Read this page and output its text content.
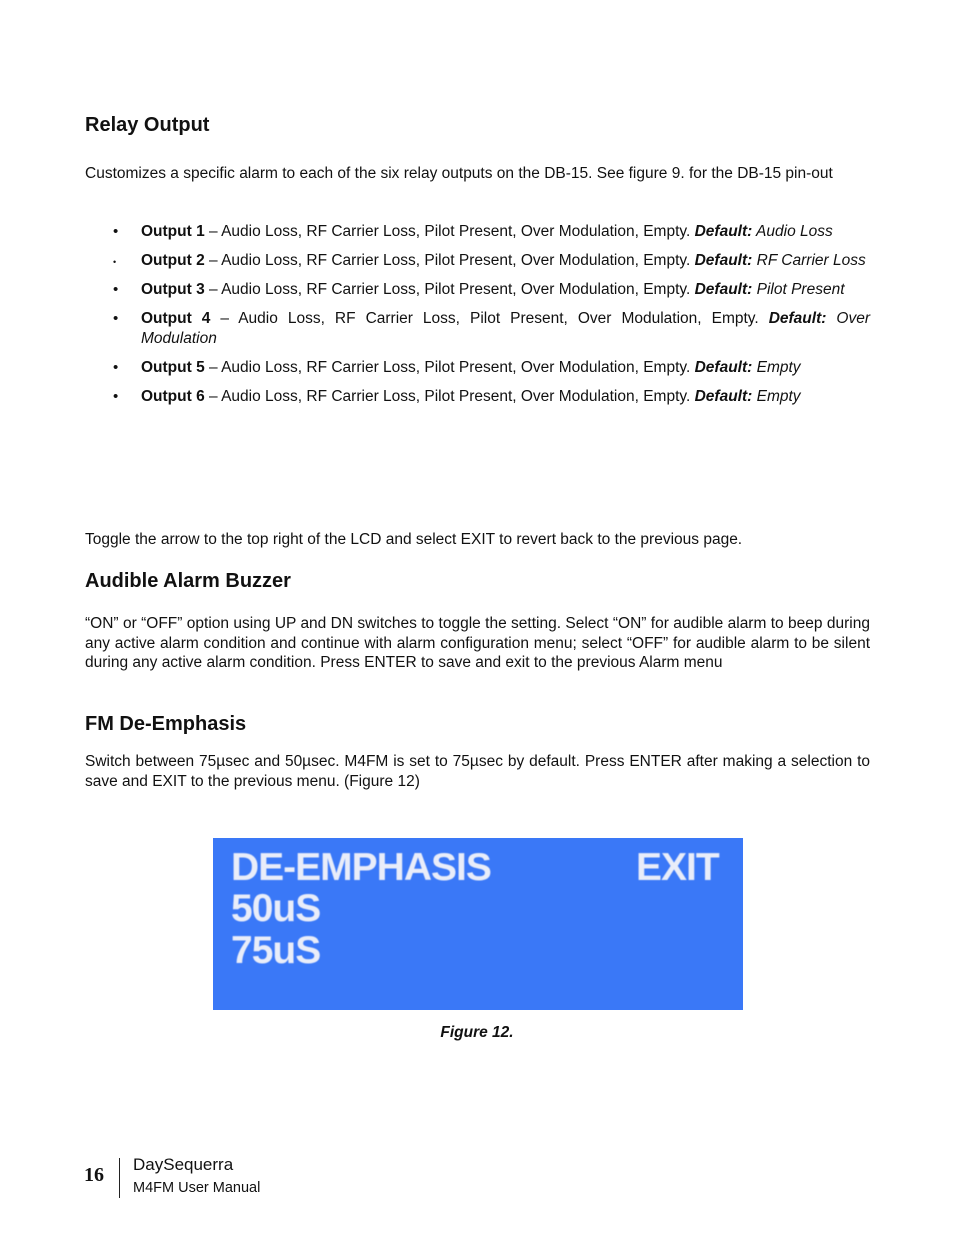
Relay Output

Customizes a specific alarm to each of the six relay outputs on the DB-15. See figure 9. for the DB-15 pin-out

• Output 1 – Audio Loss, RF Carrier Loss, Pilot Present, Over Modulation, Empty. Default: Audio Loss
• Output 2 – Audio Loss, RF Carrier Loss, Pilot Present, Over Modulation, Empty. Default: RF Carrier Loss
• Output 3 – Audio Loss, RF Carrier Loss, Pilot Present, Over Modulation, Empty. Default: Pilot Present
• Output 4 – Audio Loss, RF Carrier Loss, Pilot Present, Over Modulation, Empty. Default: Over Modulation
• Output 5 – Audio Loss, RF Carrier Loss, Pilot Present, Over Modulation, Empty. Default: Empty
• Output 6 – Audio Loss, RF Carrier Loss, Pilot Present, Over Modulation, Empty. Default: Empty

Toggle the arrow to the top right of the LCD and select EXIT to revert back to the previous page.

Audible Alarm Buzzer

“ON” or “OFF” option using UP and DN switches to toggle the setting. Select “ON” for audible alarm to beep during any active alarm condition and continue with alarm configuration menu; select “OFF” for audible alarm to be silent during any active alarm condition. Press ENTER to save and exit to the previous Alarm menu

FM De-Emphasis

Switch between 75µsec and 50µsec. M4FM is set to 75µsec by default. Press ENTER after making a selection to save and EXIT to the previous menu. (Figure 12)

DE-EMPHASIS	EXIT
50uS
75uS

Figure 12.

16 DaySequerra
M4FM User Manual
